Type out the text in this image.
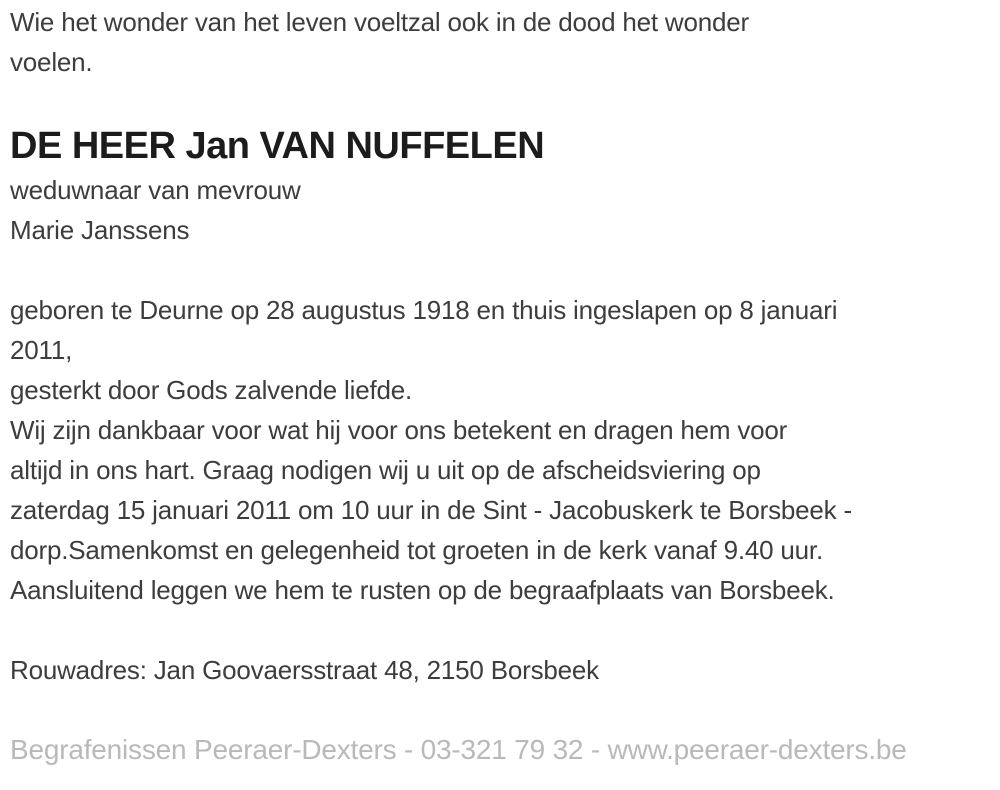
Wie het wonder van het leven voeltzal ook in de dood het wonder
voelen.
DE HEER Jan VAN NUFFELEN
weduwnaar van mevrouw
Marie Janssens
geboren te Deurne op 28 augustus 1918 en thuis ingeslapen op 8 januari
2011,
gesterkt door Gods zalvende liefde.
Wij zijn dankbaar voor wat hij voor ons betekent en dragen hem voor
altijd in ons hart. Graag nodigen wij u uit op de afscheidsviering op
zaterdag 15 januari 2011 om 10 uur in de Sint - Jacobuskerk te Borsbeek -
dorp.Samenkomst en gelegenheid tot groeten in de kerk vanaf 9.40 uur.
Aansluitend leggen we hem te rusten op de begraafplaats van Borsbeek.
Rouwadres: Jan Goovaersstraat 48, 2150 Borsbeek
Begrafenissen Peeraer-Dexters - 03-321 79 32 - www.peeraer-dexters.be
